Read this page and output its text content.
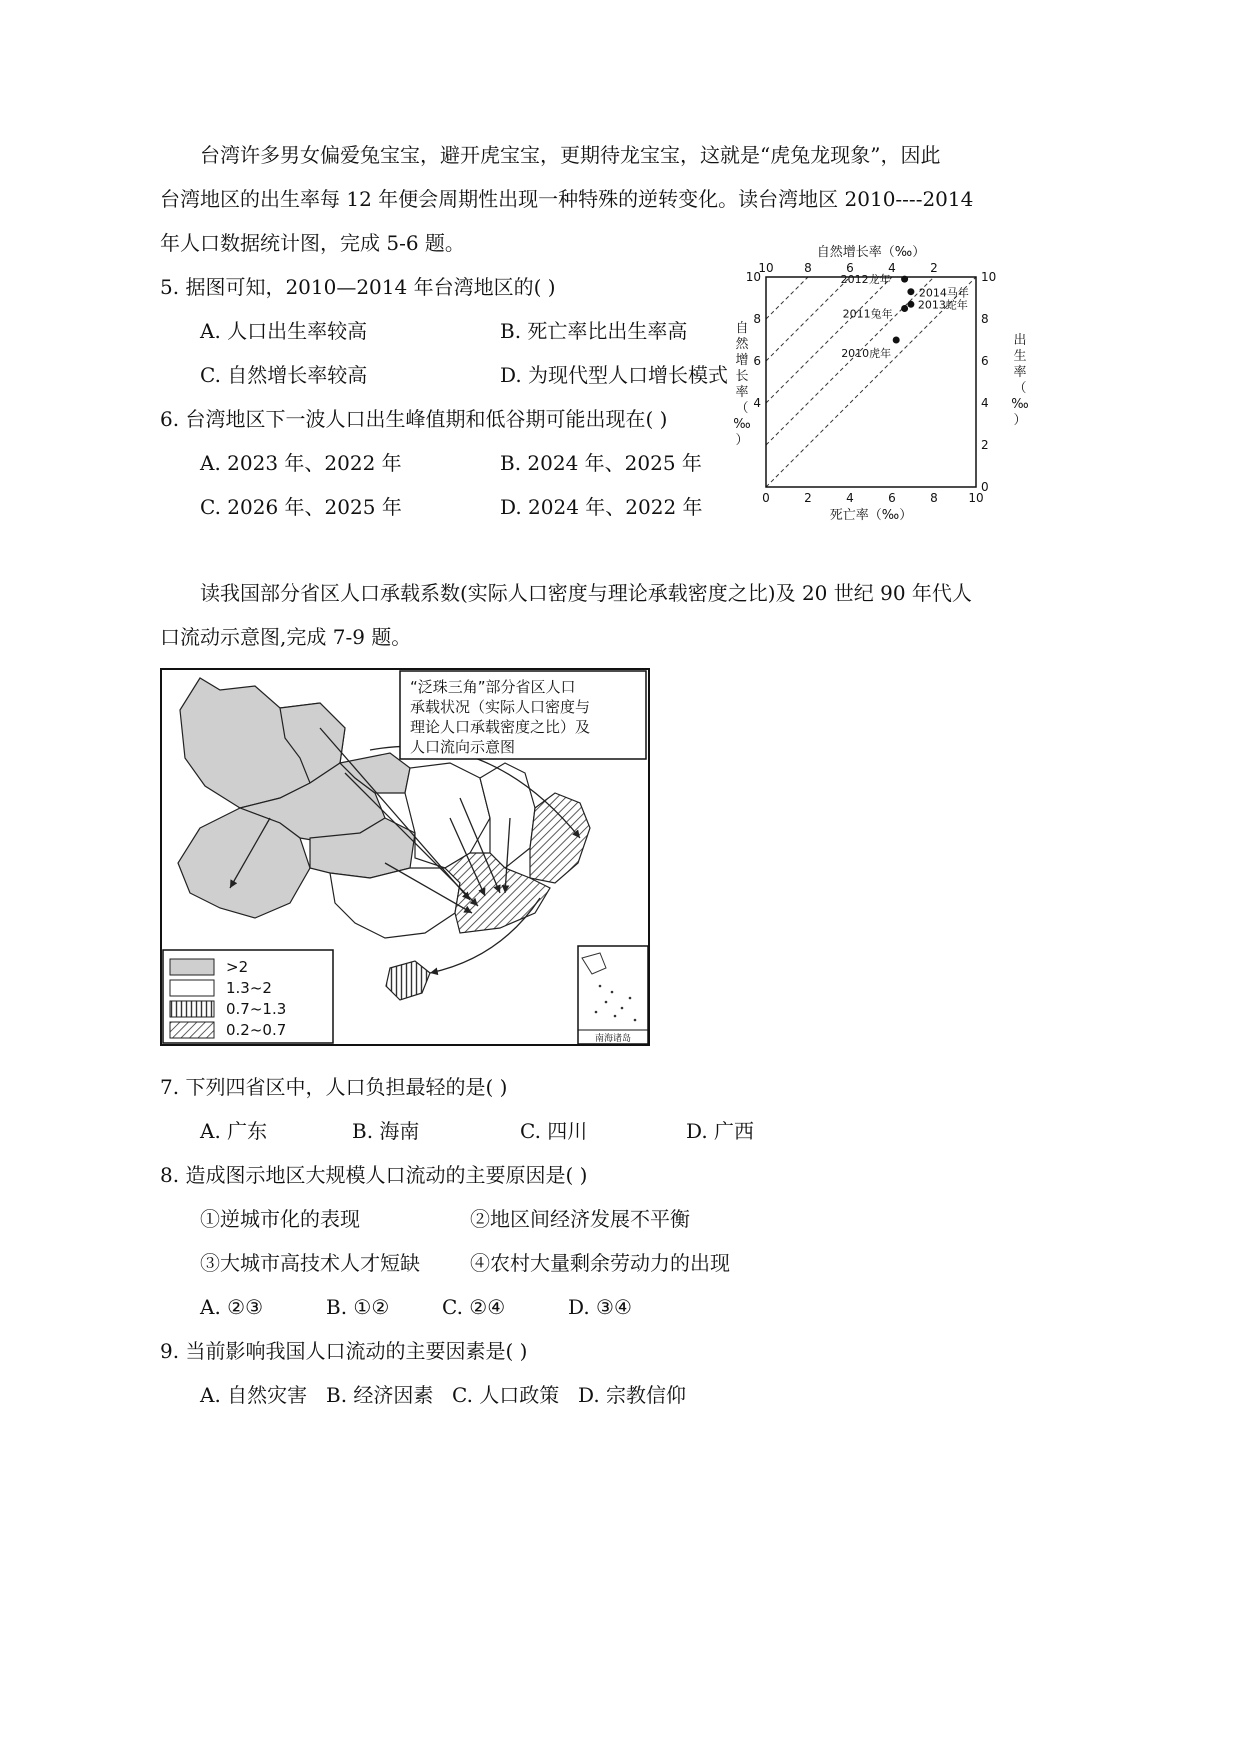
台湾许多男女偏爱兔宝宝，避开虎宝宝，更期待龙宝宝，这就是“虎兔龙现象”，因此
台湾地区的出生率每 12 年便会周期性出现一种特殊的逆转变化。读台湾地区 2010----2014
年人口数据统计图，完成 5-6 题。
5. 据图可知，2010—2014 年台湾地区的( )
A. 人口出生率较高	B. 死亡率比出生率高
C. 自然增长率较高	D. 为现代型人口增长模式
6. 台湾地区下一波人口出生峰值期和低谷期可能出现在( )
A. 2023 年、2022 年	B. 2024 年、2025 年
C. 2026 年、2025 年	D. 2024 年、2022 年	0	2	4	6	8	10
0
2
4
6
8
10
4
6
8
10
10	8	6	4	2
2010虎年
2011兔年
2012龙年
2013蛇年
2014马年
自然增长率（‰）
死亡率（‰）
自
然
增
长
率
（
‰
）
出
生
率
（
‰
）
读我国部分省区人口承载系数(实际人口密度与理论承载密度之比)及 20 世纪 90 年代人
口流动示意图,完成 7-9 题。
“泛珠三角”部分省区人口
承载状况（实际人口密度与
理论人口承载密度之比）及
人口流向示意图
>2
1.3~2
0.7~1.3
0.2~0.7	南海诸岛
7. 下列四省区中，人口负担最轻的是( )
A. 广东	B. 海南	C. 四川	D. 广西
8. 造成图示地区大规模人口流动的主要原因是( )
①逆城市化的表现	②地区间经济发展不平衡
③大城市高技术人才短缺	④农村大量剩余劳动力的出现
A. ②③	B. ①②	C. ②④	D. ③④
9. 当前影响我国人口流动的主要因素是( )
A. 自然灾害 B. 经济因素 C. 人口政策 D. 宗教信仰
